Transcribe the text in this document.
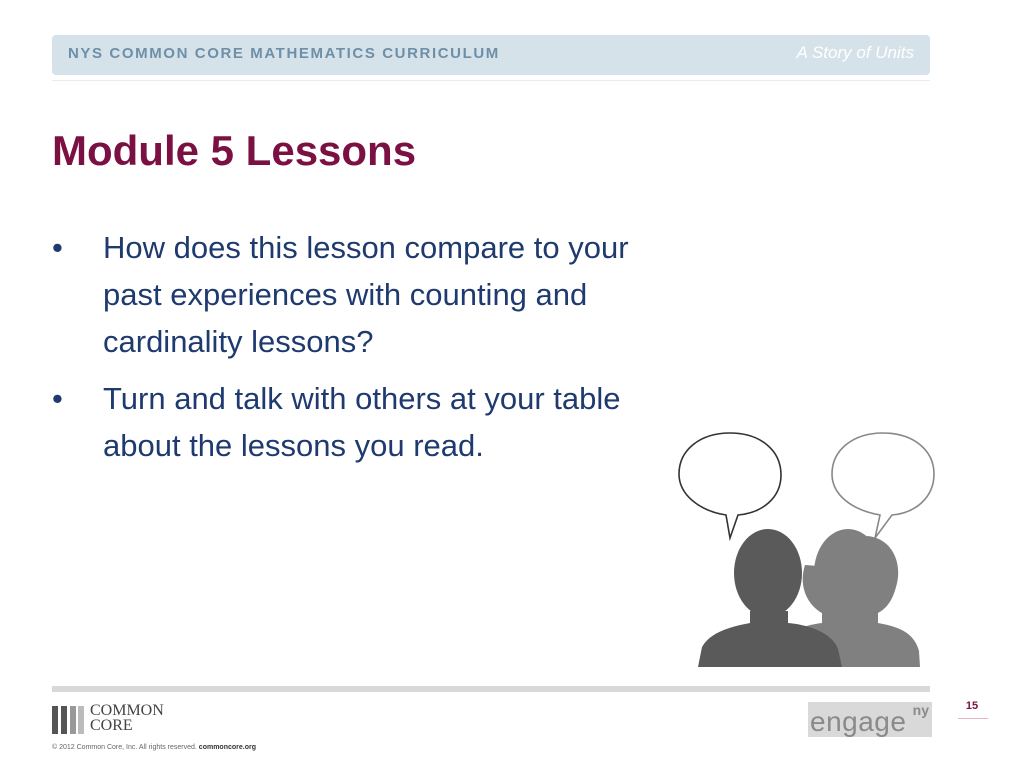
NYS COMMON CORE MATHEMATICS CURRICULUM	A Story of Units
Module 5 Lessons
•	How does this lesson compare to your past experiences with counting and cardinality lessons?
•	Turn and talk with others at your table about the lessons you read.
COMMON
CORE
© 2012 Common Core, Inc. All rights reserved. commoncore.org
engage ny	15
